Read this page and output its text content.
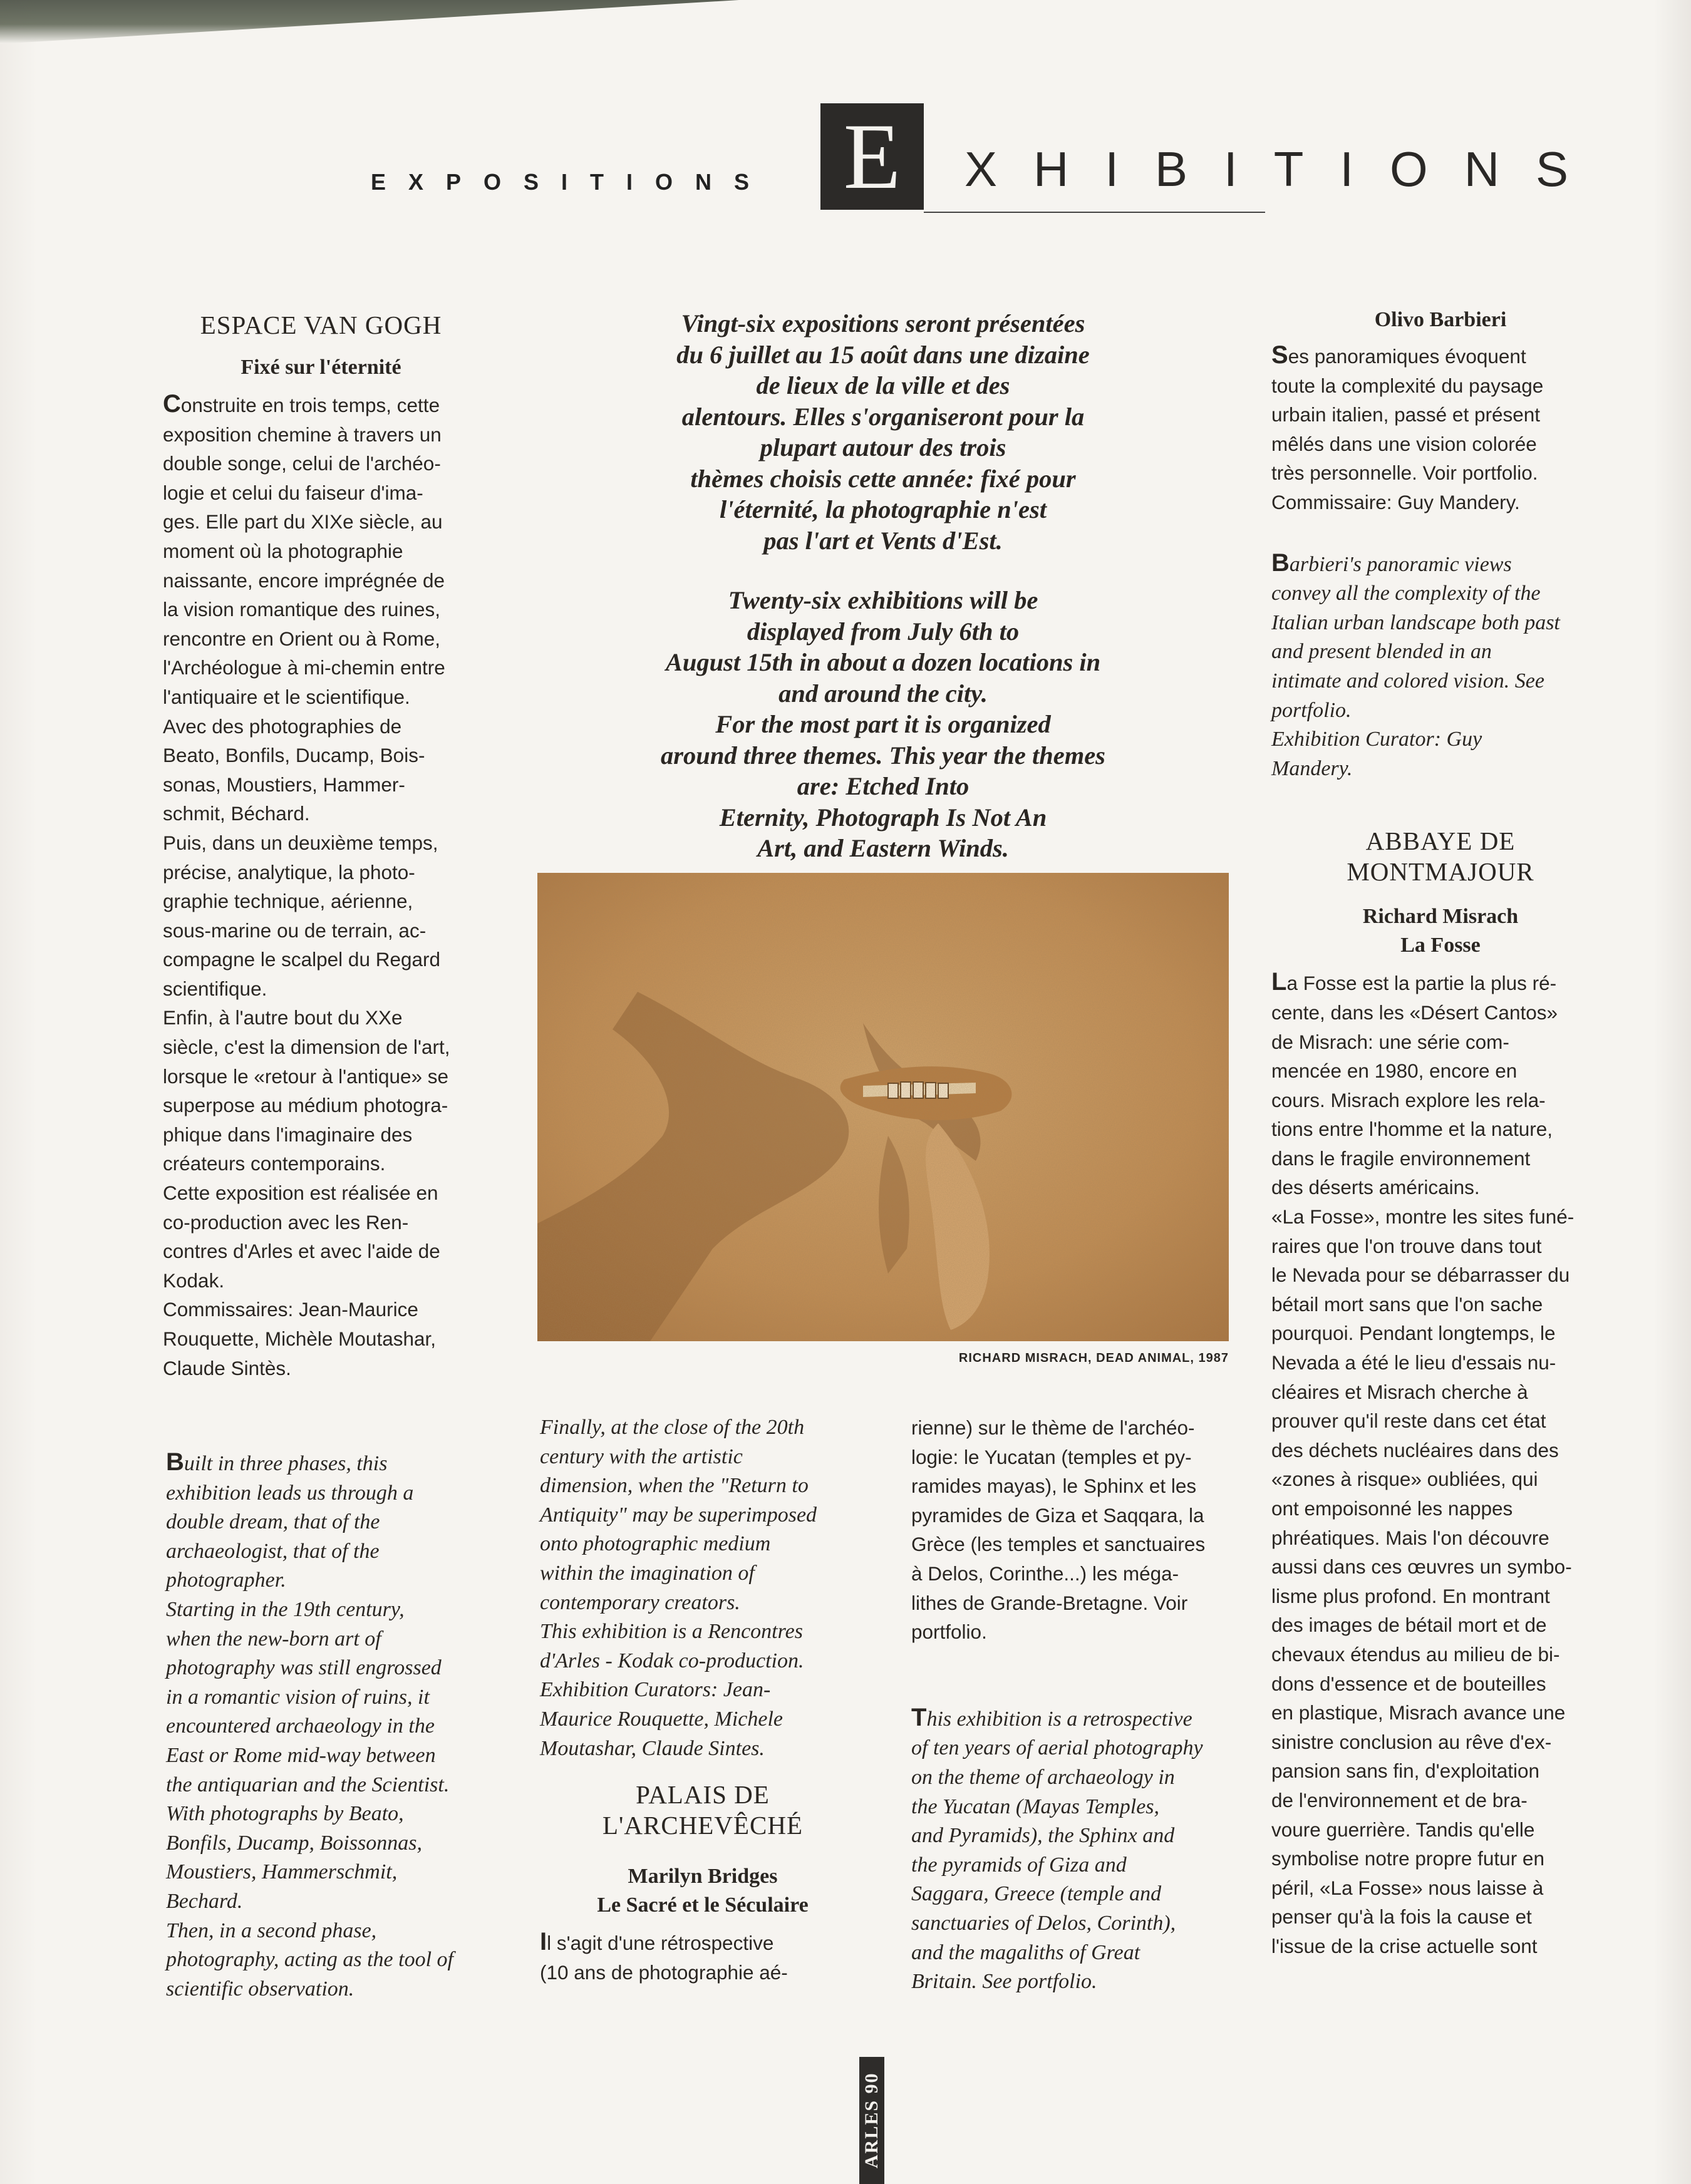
EXPOSITIONS E	XHIBITIONS

ESPACE VAN GOGH

Fixé sur l'éternité

Construite en trois temps, cette
exposition chemine à travers un
double songe, celui de l'archéo-
logie et celui du faiseur d'ima-
ges. Elle part du XIXe siècle, au
moment où la photographie
naissante, encore imprégnée de
la vision romantique des ruines,
rencontre en Orient ou à Rome,
l'Archéologue à mi-chemin entre
l'antiquaire et le scientifique.
Avec des photographies de
Beato, Bonfils, Ducamp, Bois-
sonas, Moustiers, Hammer-
schmit, Béchard.
Puis, dans un deuxième temps,
précise, analytique, la photo-
graphie technique, aérienne,
sous-marine ou de terrain, ac-
compagne le scalpel du Regard
scientifique.
Enfin, à l'autre bout du XXe
siècle, c'est la dimension de l'art,
lorsque le «retour à l'antique» se
superpose au médium photogra-
phique dans l'imaginaire des
créateurs contemporains.
Cette exposition est réalisée en
co-production avec les Ren-
contres d'Arles et avec l'aide de
Kodak.
Commissaires: Jean-Maurice
Rouquette, Michèle Moutashar,
Claude Sintès.

Built in three phases, this
exhibition leads us through a
double dream, that of the
archaeologist, that of the
photographer.
Starting in the 19th century,
when the new-born art of
photography was still engrossed
in a romantic vision of ruins, it
encountered archaeology in the
East or Rome mid-way between
the antiquarian and the Scientist.
With photographs by Beato,
Bonfils, Ducamp, Boissonnas,
Moustiers, Hammerschmit,
Bechard.
Then, in a second phase,
photography, acting as the tool of
scientific observation.

Vingt-six expositions seront présentées
du 6 juillet au 15 août dans une dizaine
de lieux de la ville et des
alentours. Elles s'organiseront pour la
plupart autour des trois
thèmes choisis cette année: fixé pour
l'éternité, la photographie n'est
pas l'art et Vents d'Est.

Twenty-six exhibitions will be
displayed from July 6th to
August 15th in about a dozen locations in
and around the city.
For the most part it is organized
around three themes. This year the themes
are: Etched Into
Eternity, Photograph Is Not An
Art, and Eastern Winds.

RICHARD MISRACH, DEAD ANIMAL, 1987

Finally, at the close of the 20th
century with the artistic
dimension, when the "Return to
Antiquity" may be superimposed
onto photographic medium
within the imagination of
contemporary creators.
This exhibition is a Rencontres
d'Arles - Kodak co-production.
Exhibition Curators: Jean-
Maurice Rouquette, Michele
Moutashar, Claude Sintes.

PALAIS DE
L'ARCHEVÊCHÉ

Marilyn Bridges
Le Sacré et le Séculaire

Il s'agit d'une rétrospective
(10 ans de photographie aé-

rienne) sur le thème de l'archéo-
logie: le Yucatan (temples et py-
ramides mayas), le Sphinx et les
pyramides de Giza et Saqqara, la
Grèce (les temples et sanctuaires
à Delos, Corinthe...) les méga-
lithes de Grande-Bretagne. Voir
portfolio.

This exhibition is a retrospective
of ten years of aerial photography
on the theme of archaeology in
the Yucatan (Mayas Temples,
and Pyramids), the Sphinx and
the pyramids of Giza and
Saggara, Greece (temple and
sanctuaries of Delos, Corinth),
and the magaliths of Great
Britain. See portfolio.

Olivo Barbieri

Ses panoramiques évoquent
toute la complexité du paysage
urbain italien, passé et présent
mêlés dans une vision colorée
très personnelle. Voir portfolio.
Commissaire: Guy Mandery.

Barbieri's panoramic views
convey all the complexity of the
Italian urban landscape both past
and present blended in an
intimate and colored vision. See
portfolio.
Exhibition Curator: Guy
Mandery.

ABBAYE DE
MONTMAJOUR

Richard Misrach
La Fosse

La Fosse est la partie la plus ré-
cente, dans les «Désert Cantos»
de Misrach: une série com-
mencée en 1980, encore en
cours. Misrach explore les rela-
tions entre l'homme et la nature,
dans le fragile environnement
des déserts américains.
«La Fosse», montre les sites funé-
raires que l'on trouve dans tout
le Nevada pour se débarrasser du
bétail mort sans que l'on sache
pourquoi. Pendant longtemps, le
Nevada a été le lieu d'essais nu-
cléaires et Misrach cherche à
prouver qu'il reste dans cet état
des déchets nucléaires dans des
«zones à risque» oubliées, qui
ont empoisonné les nappes
phréatiques. Mais l'on découvre
aussi dans ces œuvres un symbo-
lisme plus profond. En montrant
des images de bétail mort et de
chevaux étendus au milieu de bi-
dons d'essence et de bouteilles
en plastique, Misrach avance une
sinistre conclusion au rêve d'ex-
pansion sans fin, d'exploitation
de l'environnement et de bra-
voure guerrière. Tandis qu'elle
symbolise notre propre futur en
péril, «La Fosse» nous laisse à
penser qu'à la fois la cause et
l'issue de la crise actuelle sont

ARLES 90
